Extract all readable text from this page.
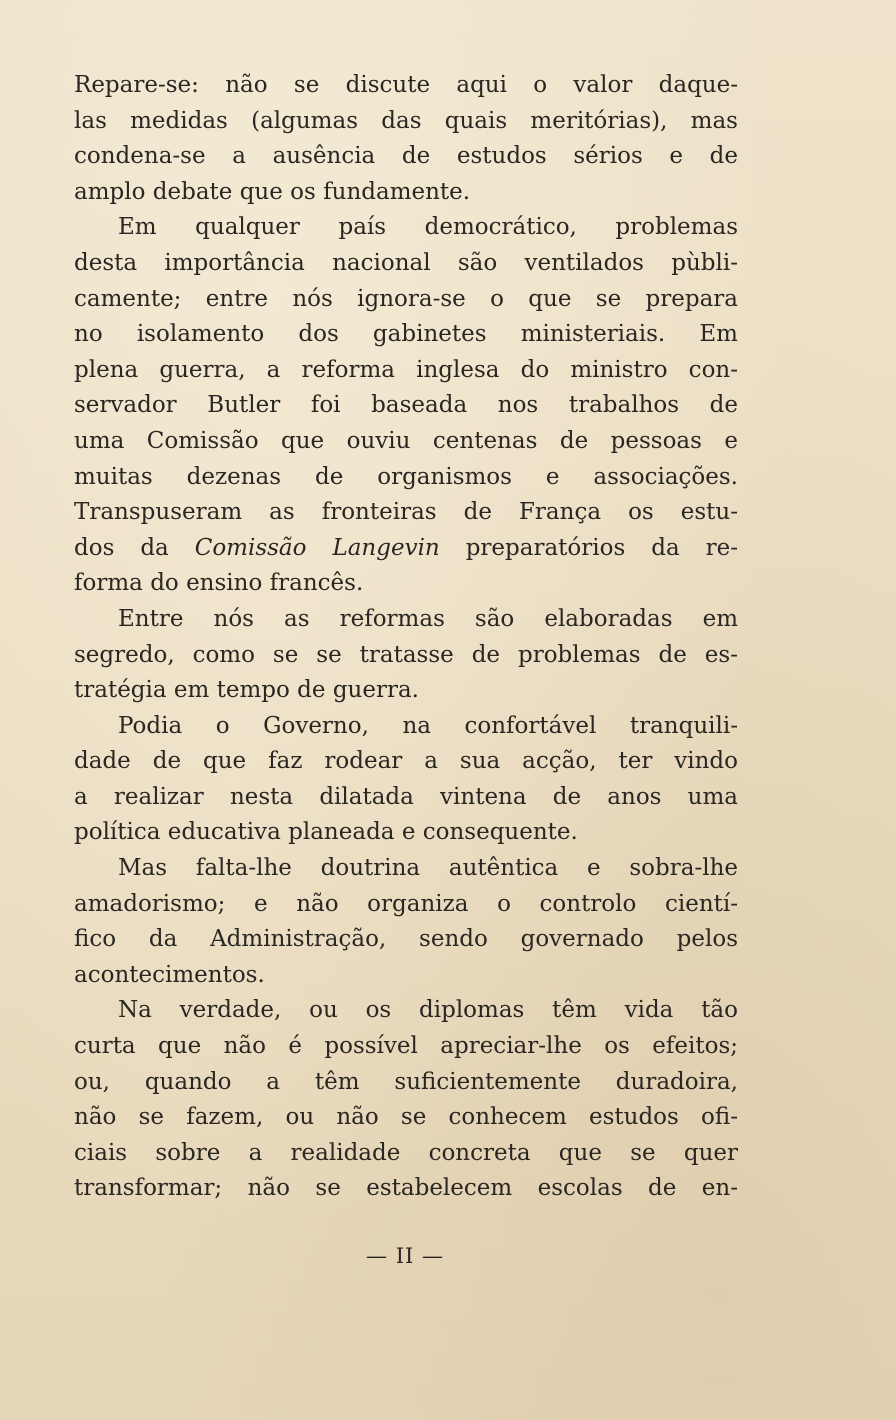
Repare-se: não se discute aqui o valor daque-
las medidas (algumas das quais meritórias), mas
condena-se a ausência de estudos sérios e de
amplo debate que os fundamente.
Em qualquer país democrático, problemas
desta importância nacional são ventilados pùbli-
camente; entre nós ignora-se o que se prepara
no isolamento dos gabinetes ministeriais. Em
plena guerra, a reforma inglesa do ministro con-
servador Butler foi baseada nos trabalhos de
uma Comissão que ouviu centenas de pessoas e
muitas dezenas de organismos e associações.
Transpuseram as fronteiras de França os estu-
dos da Comissão Langevin preparatórios da re-
forma do ensino francês.
Entre nós as reformas são elaboradas em
segredo, como se se tratasse de problemas de es-
tratégia em tempo de guerra.
Podia o Governo, na confortável tranquili-
dade de que faz rodear a sua acção, ter vindo
a realizar nesta dilatada vintena de anos uma
política educativa planeada e consequente.
Mas falta-lhe doutrina autêntica e sobra-lhe
amadorismo; e não organiza o controlo cientí-
fico da Administração, sendo governado pelos
acontecimentos.
Na verdade, ou os diplomas têm vida tão
curta que não é possível apreciar-lhe os efeitos;
ou, quando a têm suficientemente duradoira,
não se fazem, ou não se conhecem estudos ofi-
ciais sobre a realidade concreta que se quer
transformar; não se estabelecem escolas de en-
— II —
